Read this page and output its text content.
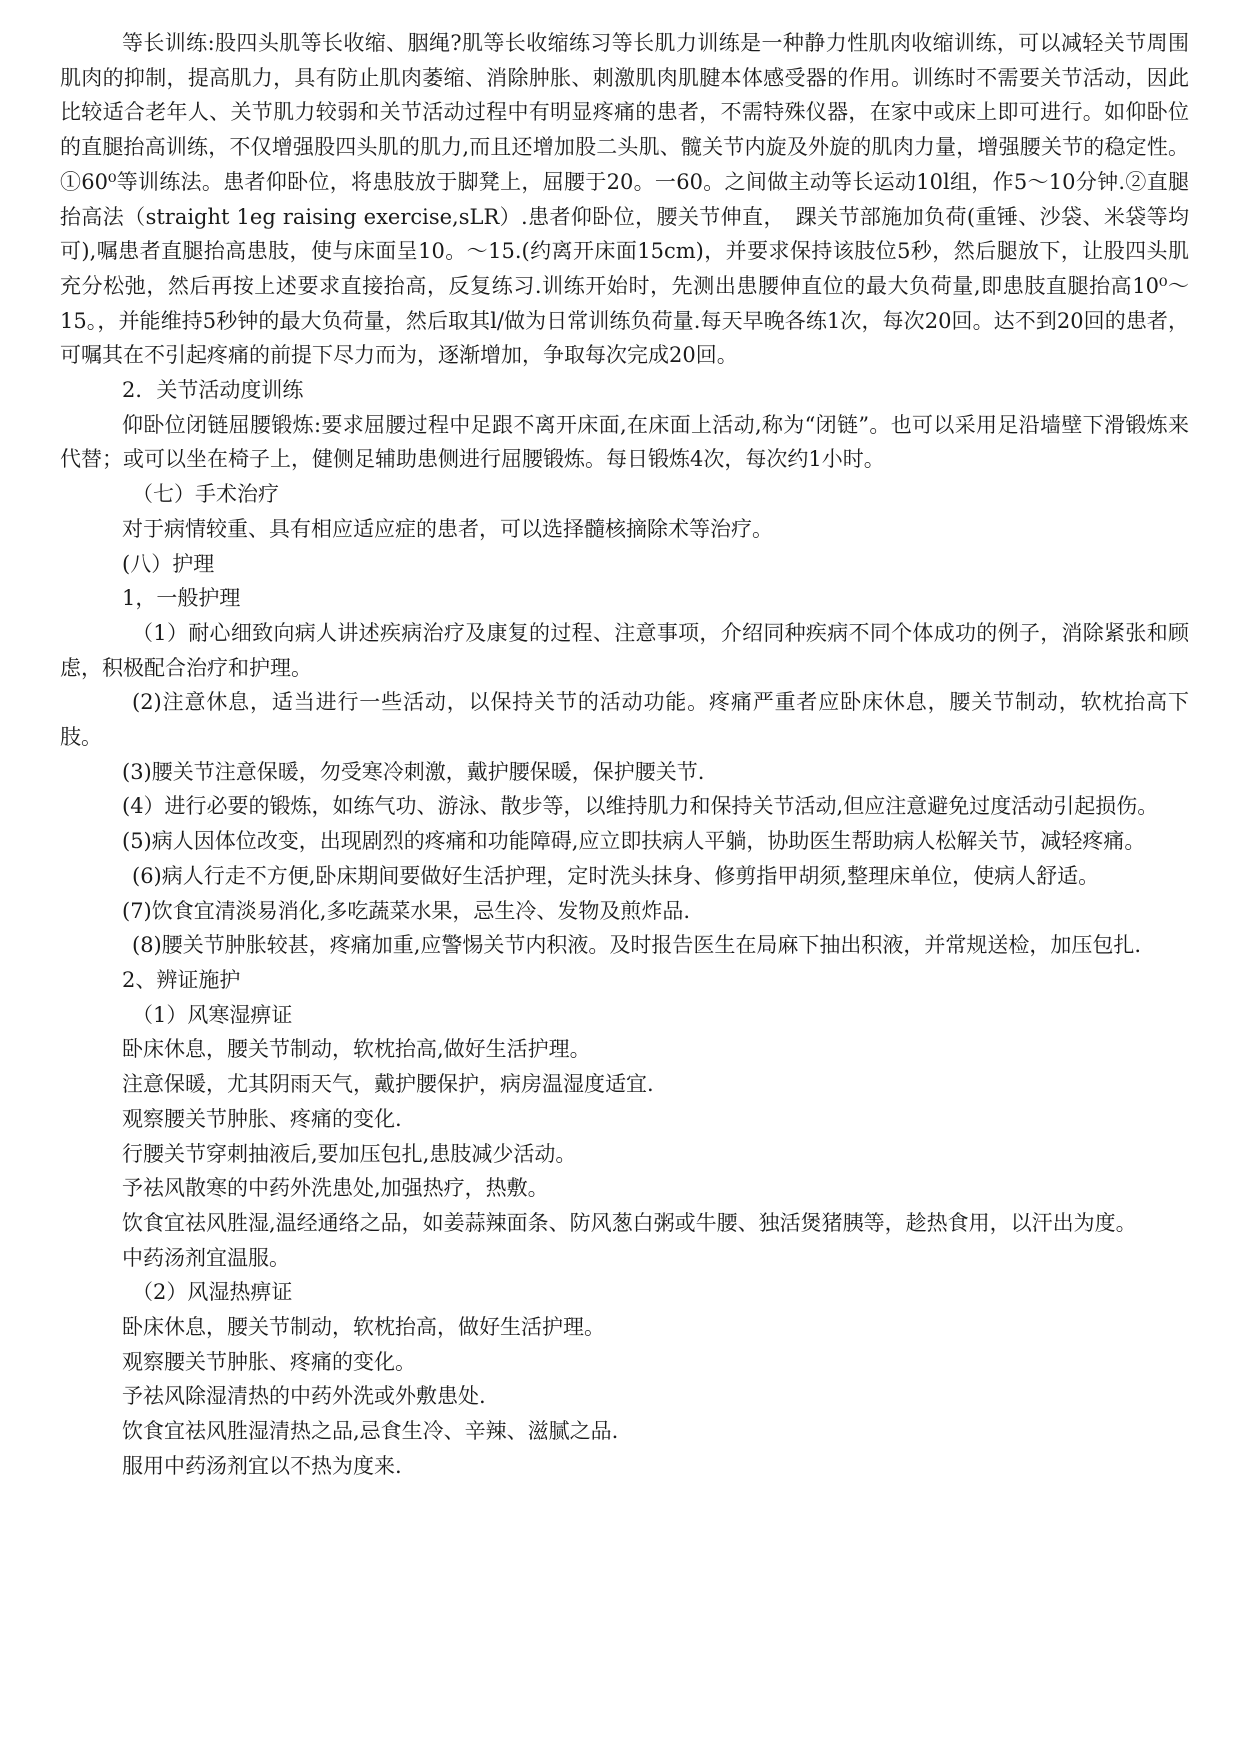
等长训练:股四头肌等长收缩、胭绳?肌等长收缩练习等长肌力训练是一种静力性肌肉收缩训练，可以减轻关节周围肌肉的抑制，提高肌力，具有防止肌肉萎缩、消除肿胀、刺激肌肉肌腱本体感受器的作用。训练时不需要关节活动，因此比较适合老年人、关节肌力较弱和关节活动过程中有明显疼痛的患者，不需特殊仪器，在家中或床上即可进行。如仰卧位的直腿抬高训练，不仅增强股四头肌的肌力,而且还增加股二头肌、髋关节内旋及外旋的肌肉力量，增强腰关节的稳定性。①60⁰等训练法。患者仰卧位，将患肢放于脚凳上，屈腰于20。一60。之间做主动等长运动10l组，作5～10分钟.②直腿抬高法（straight 1eg raising exercise,sLR）.患者仰卧位，腰关节伸直，　踝关节部施加负荷(重锤、沙袋、米袋等均可),嘱患者直腿抬高患肢，使与床面呈10。～15.(约离开床面15cm)，并要求保持该肢位5秒，然后腿放下，让股四头肌充分松弛，然后再按上述要求直接抬高，反复练习.训练开始时，先测出患腰伸直位的最大负荷量,即患肢直腿抬高10⁰～15。，并能维持5秒钟的最大负荷量，然后取其l/做为日常训练负荷量.每天早晚各练1次，每次20回。达不到20回的患者，可嘱其在不引起疼痛的前提下尽力而为，逐渐增加，争取每次完成20回。

2．关节活动度训练

仰卧位闭链屈腰锻炼:要求屈腰过程中足跟不离开床面,在床面上活动,称为“闭链”。也可以采用足沿墙壁下滑锻炼来代替；或可以坐在椅子上，健侧足辅助患侧进行屈腰锻炼。每日锻炼4次，每次约1小时。

（七）手术治疗

对于病情较重、具有相应适应症的患者，可以选择髓核摘除术等治疗。

(八）护理

1，一般护理

（1）耐心细致向病人讲述疾病治疗及康复的过程、注意事项，介绍同种疾病不同个体成功的例子，消除紧张和顾虑，积极配合治疗和护理。

(2)注意休息，适当进行一些活动，以保持关节的活动功能。疼痛严重者应卧床休息，腰关节制动，软枕抬高下肢。

(3)腰关节注意保暖，勿受寒冷刺激，戴护腰保暖，保护腰关节.

(4）进行必要的锻炼，如练气功、游泳、散步等，以维持肌力和保持关节活动,但应注意避免过度活动引起损伤。

(5)病人因体位改变，出现剧烈的疼痛和功能障碍,应立即扶病人平躺，协助医生帮助病人松解关节，减轻疼痛。

(6)病人行走不方便,卧床期间要做好生活护理，定时洗头抹身、修剪指甲胡须,整理床单位，使病人舒适。

(7)饮食宜清淡易消化,多吃蔬菜水果，忌生冷、发物及煎炸品.

(8)腰关节肿胀较甚，疼痛加重,应警惕关节内积液。及时报告医生在局麻下抽出积液，并常规送检，加压包扎.

2、辨证施护

（1）风寒湿痹证

卧床休息，腰关节制动，软枕抬高,做好生活护理。

注意保暖，尤其阴雨天气，戴护腰保护，病房温湿度适宜.

观察腰关节肿胀、疼痛的变化.

行腰关节穿刺抽液后,要加压包扎,患肢减少活动。

予祛风散寒的中药外洗患处,加强热疗，热敷。

饮食宜祛风胜湿,温经通络之品，如姜蒜辣面条、防风葱白粥或牛腰、独活煲猪胰等，趁热食用，以汗出为度。

中药汤剂宜温服。

（2）风湿热痹证

卧床休息，腰关节制动，软枕抬高，做好生活护理。

观察腰关节肿胀、疼痛的变化。

予祛风除湿清热的中药外洗或外敷患处.

饮食宜祛风胜湿清热之品,忌食生冷、辛辣、滋腻之品.

服用中药汤剂宜以不热为度来.
